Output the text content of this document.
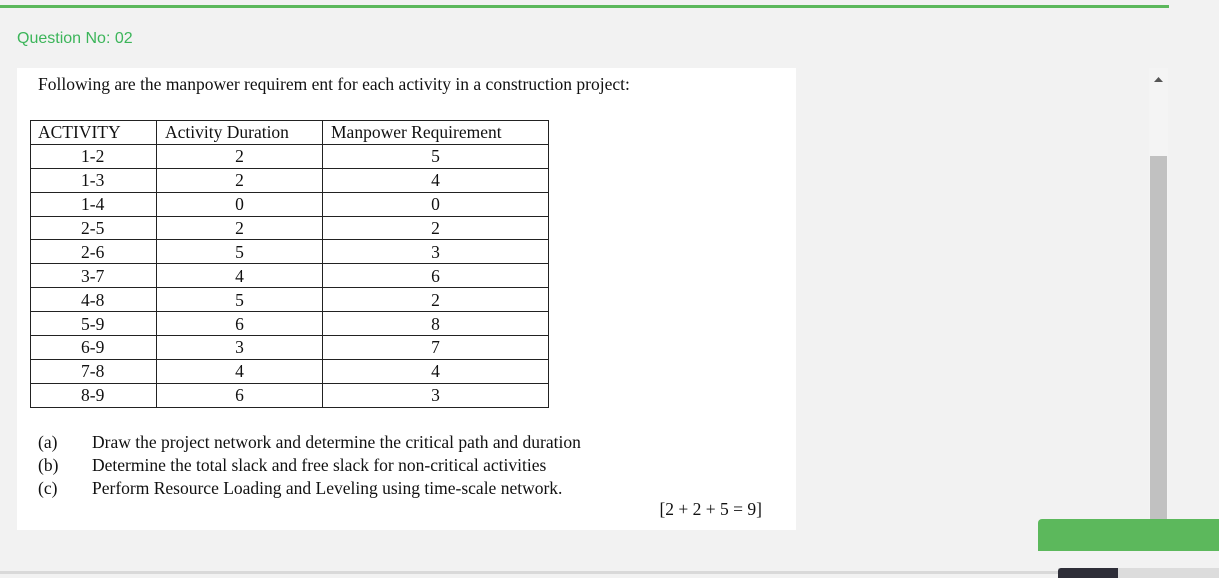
Question No: 02
Following are the manpower requirem ent for each activity in a construction project:
ACTIVITY	Activity Duration	Manpower Requirement
1-2	2	5
1-3	2	4
1-4	0	0
2-5	2	2
2-6	5	3
3-7	4	6
4-8	5	2
5-9	6	8
6-9	3	7
7-8	4	4
8-9	6	3
(a)	Draw the project network and determine the critical path and duration
(b)	Determine the total slack and free slack for non-critical activities
(c)	Perform Resource Loading and Leveling using time-scale network.
[2 + 2 + 5 = 9]
